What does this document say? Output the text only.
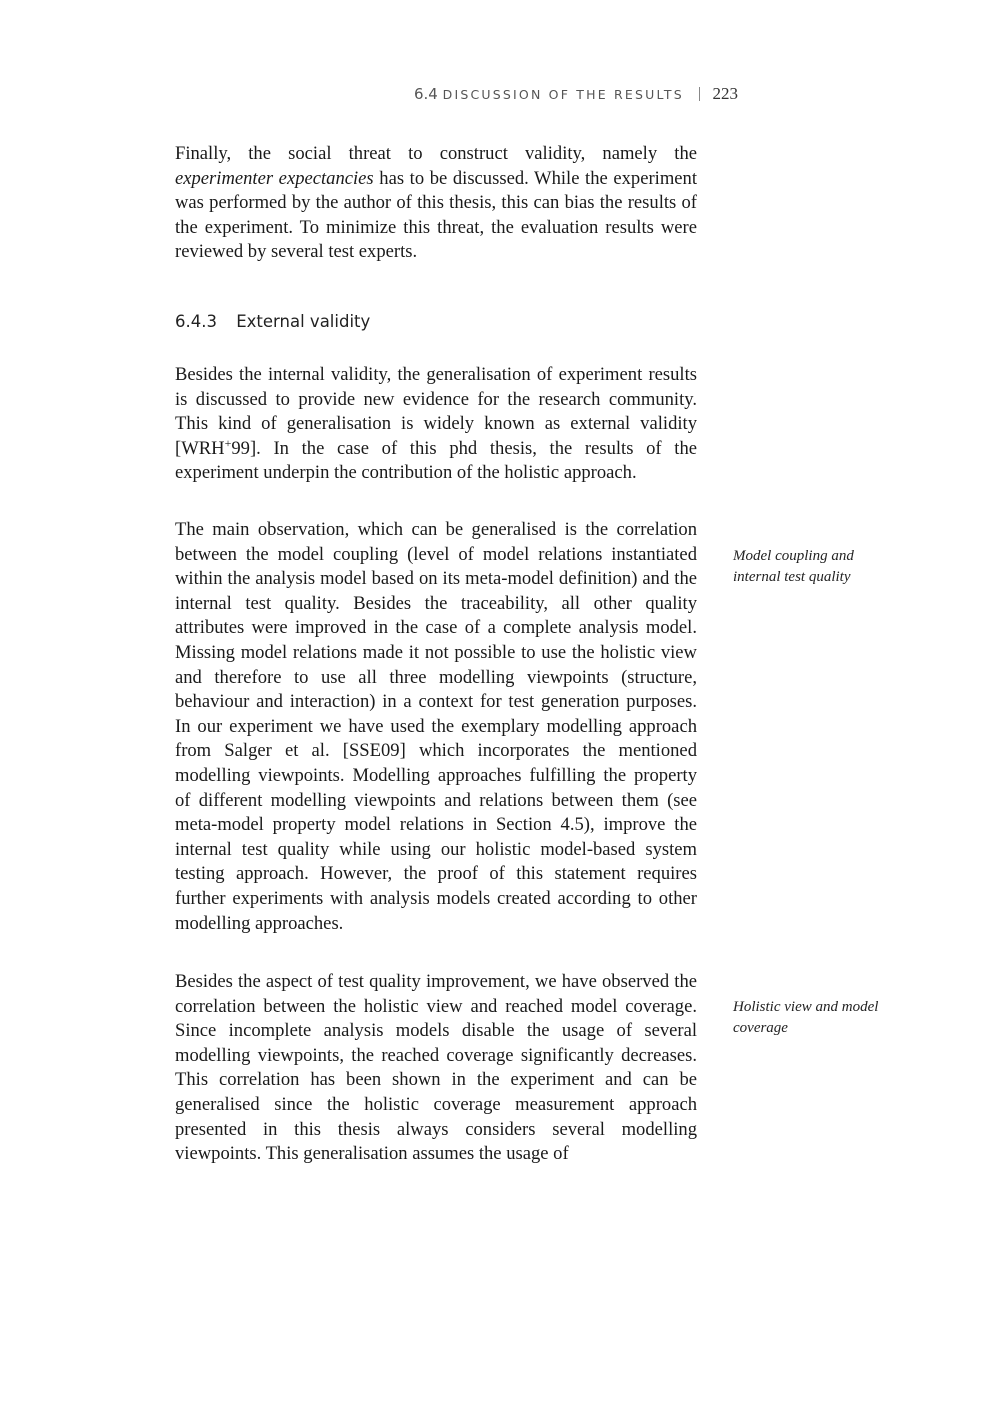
6.4 DISCUSSION OF THE RESULTS 223

Finally, the social threat to construct validity, namely the experimenter expectancies has to be discussed. While the experiment was performed by the author of this thesis, this can bias the results of the experiment. To minimize this threat, the evaluation results were reviewed by several test experts.

6.4.3 External validity

Besides the internal validity, the generalisation of experiment results is discussed to provide new evidence for the research community. This kind of generalisation is widely known as external validity [WRH+99]. In the case of this phd thesis, the results of the experiment underpin the contribution of the holistic approach.

The main observation, which can be generalised is the correlation between the model coupling (level of model relations instantiated within the analysis model based on its meta-model definition) and the internal test quality. Besides the traceability, all other quality attributes were improved in the case of a complete analysis model. Missing model relations made it not possible to use the holistic view and therefore to use all three modelling viewpoints (structure, behaviour and interaction) in a context for test generation purposes. In our experiment we have used the exemplary modelling approach from Salger et al. [SSE09] which incorporates the mentioned modelling viewpoints. Modelling approaches fulfilling the property of different modelling viewpoints and relations between them (see meta-model property model relations in Section 4.5), improve the internal test quality while using our holistic model-based system testing approach. However, the proof of this statement requires further experiments with analysis models created according to other modelling approaches.

Besides the aspect of test quality improvement, we have observed the correlation between the holistic view and reached model coverage. Since incomplete analysis models disable the usage of several modelling viewpoints, the reached coverage significantly decreases. This correlation has been shown in the experiment and can be generalised since the holistic coverage measurement approach presented in this thesis always considers several modelling viewpoints. This generalisation assumes the usage of

Model coupling and internal test quality
Holistic view and model coverage
